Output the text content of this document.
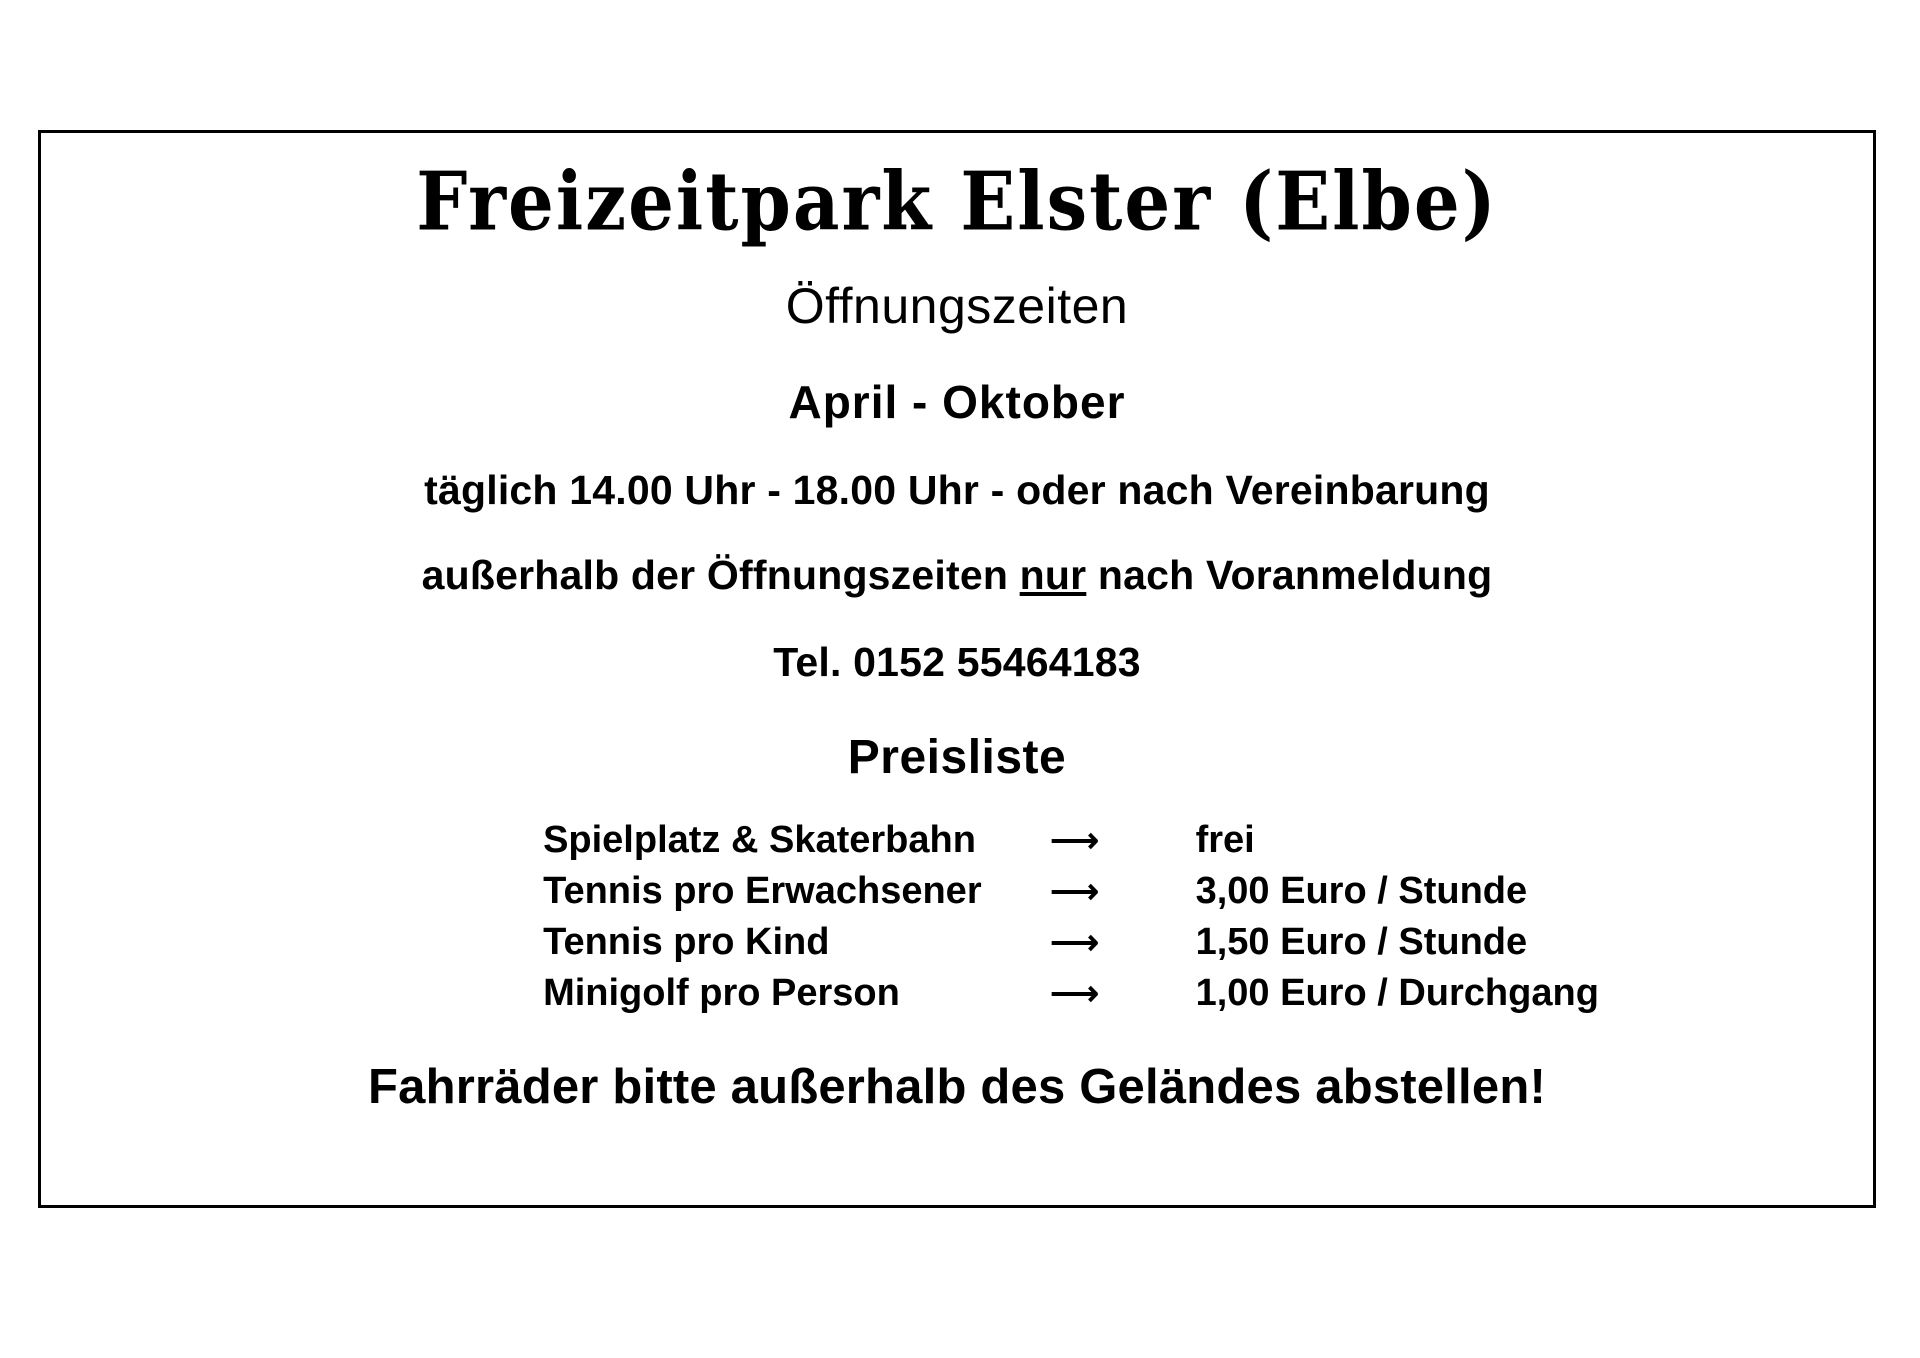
Freizeitpark Elster (Elbe)
Öffnungszeiten
April - Oktober
täglich 14.00 Uhr - 18.00 Uhr - oder nach Vereinbarung
außerhalb der Öffnungszeiten nur nach Voranmeldung
Tel. 0152 55464183
Preisliste
Spielplatz & Skaterbahn	⟶	frei
Tennis pro Erwachsener	⟶	3,00 Euro / Stunde
Tennis pro Kind	⟶	1,50 Euro / Stunde
Minigolf pro Person	⟶	1,00 Euro / Durchgang
Fahrräder bitte außerhalb des Geländes abstellen!
